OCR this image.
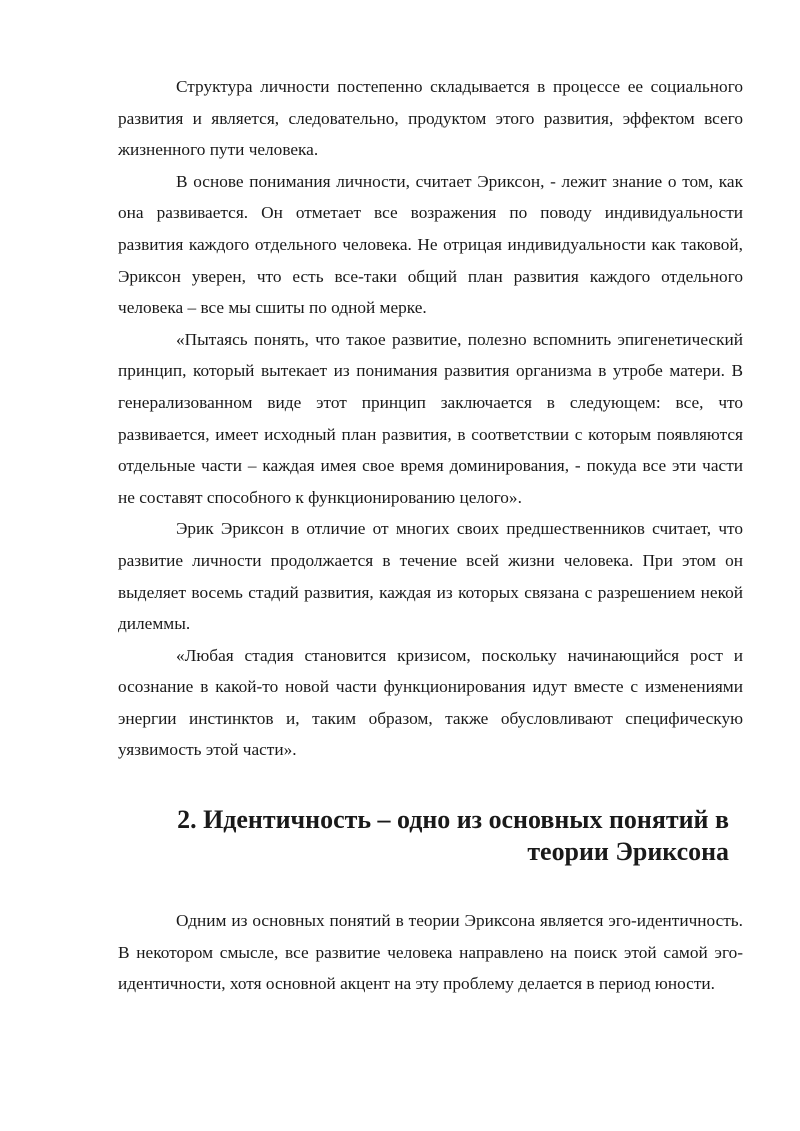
Структура личности постепенно складывается в процессе ее социального развития и является, следовательно, продуктом этого развития, эффектом всего жизненного пути человека.

В основе понимания личности, считает Эриксон, - лежит знание о том, как она развивается. Он отметает все возражения по поводу индивидуальности развития каждого отдельного человека. Не отрицая индивидуальности как таковой, Эриксон уверен, что есть все-таки общий план развития каждого отдельного человека – все мы сшиты по одной мерке.

«Пытаясь понять, что такое развитие, полезно вспомнить эпигенетический принцип, который вытекает из понимания развития организма в утробе матери. В генерализованном виде этот принцип заключается в следующем: все, что развивается, имеет исходный план развития, в соответствии с которым появляются отдельные части – каждая имея свое время доминирования, - покуда все эти части не составят способного к функционированию целого».

Эрик Эриксон в отличие от многих своих предшественников считает, что развитие личности продолжается в течение всей жизни человека. При этом он выделяет восемь стадий развития, каждая из которых связана с разрешением некой дилеммы.

«Любая стадия становится кризисом, поскольку начинающийся рост и осознание в какой-то новой части функционирования идут вместе с изменениями энергии инстинктов и, таким образом, также обусловливают специфическую уязвимость этой части».

2. Идентичность – одно из основных понятий в теории Эриксона

Одним из основных понятий в теории Эриксона является эго-идентичность. В некотором смысле, все развитие человека направлено на поиск этой самой эго-идентичности, хотя основной акцент на эту проблему делается в период юности.
